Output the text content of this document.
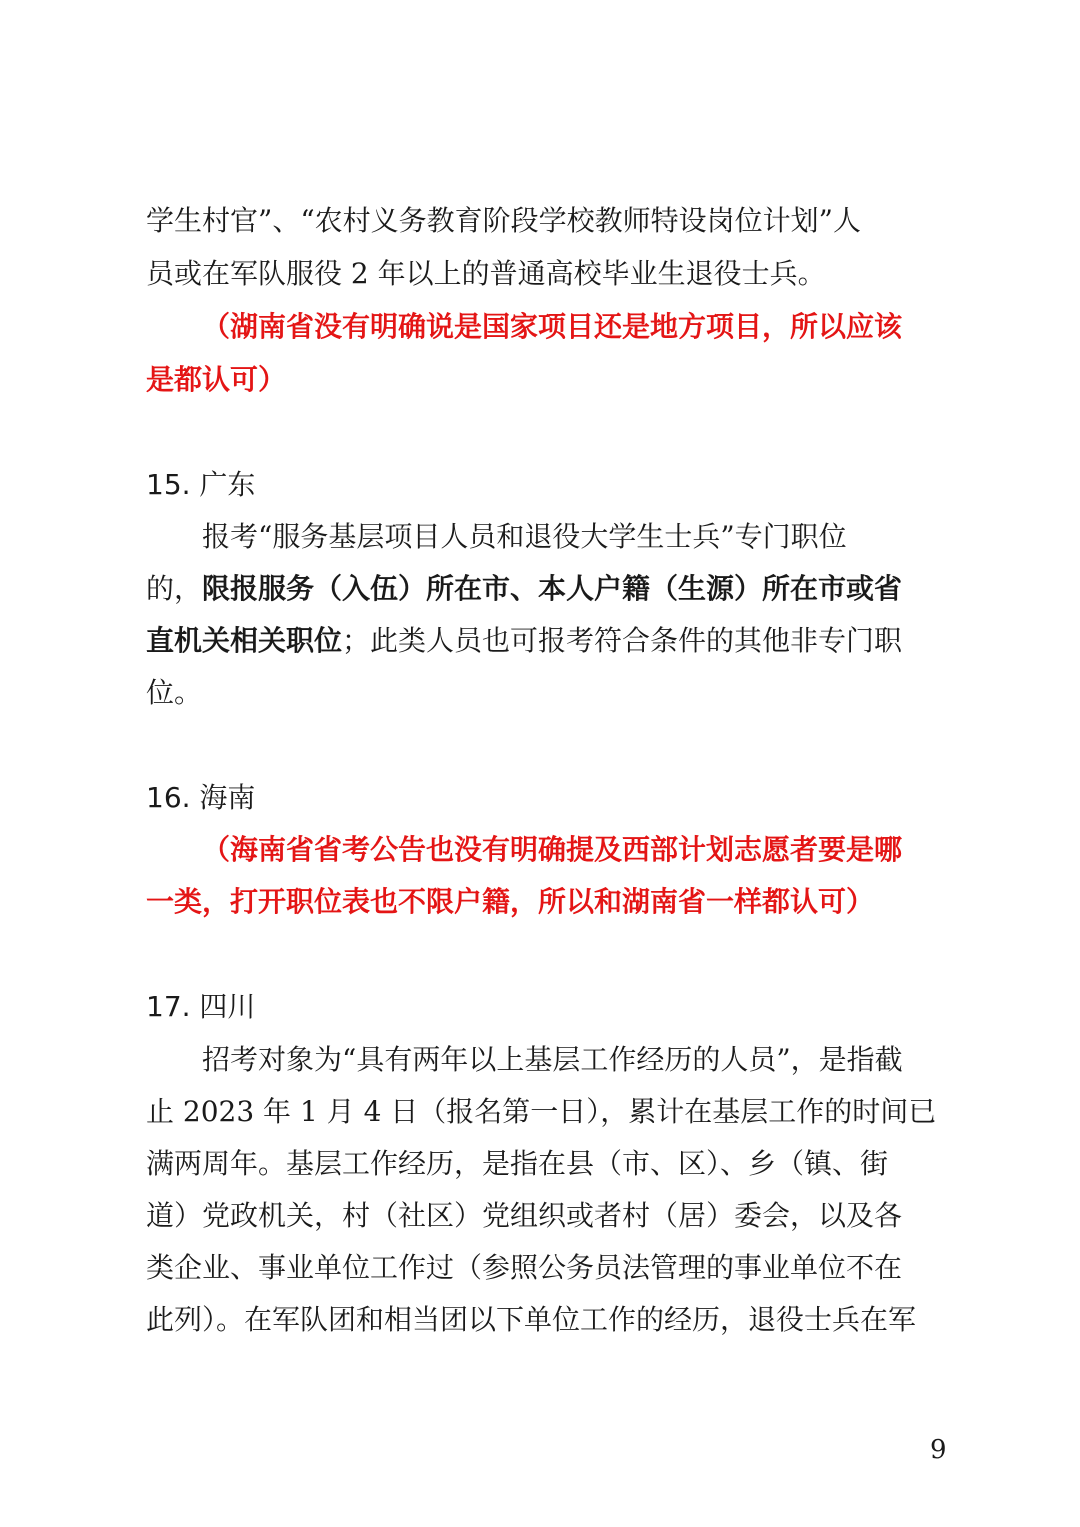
学生村官”、“农村义务教育阶段学校教师特设岗位计划”人
员或在军队服役 2 年以上的普通高校毕业生退役士兵。
（湖南省没有明确说是国家项目还是地方项目，所以应该
是都认可）
15. 广东
报考“服务基层项目人员和退役大学生士兵”专门职位
的，限报服务（入伍）所在市、本人户籍（生源）所在市或省
直机关相关职位；此类人员也可报考符合条件的其他非专门职
位。
16. 海南
（海南省省考公告也没有明确提及西部计划志愿者要是哪
一类，打开职位表也不限户籍，所以和湖南省一样都认可）
17. 四川
招考对象为“具有两年以上基层工作经历的人员”，是指截
止 2023 年 1 月 4 日（报名第一日），累计在基层工作的时间已
满两周年。基层工作经历，是指在县（市、区）、乡（镇、街
道）党政机关，村（社区）党组织或者村（居）委会，以及各
类企业、事业单位工作过（参照公务员法管理的事业单位不在
此列）。在军队团和相当团以下单位工作的经历，退役士兵在军
9
